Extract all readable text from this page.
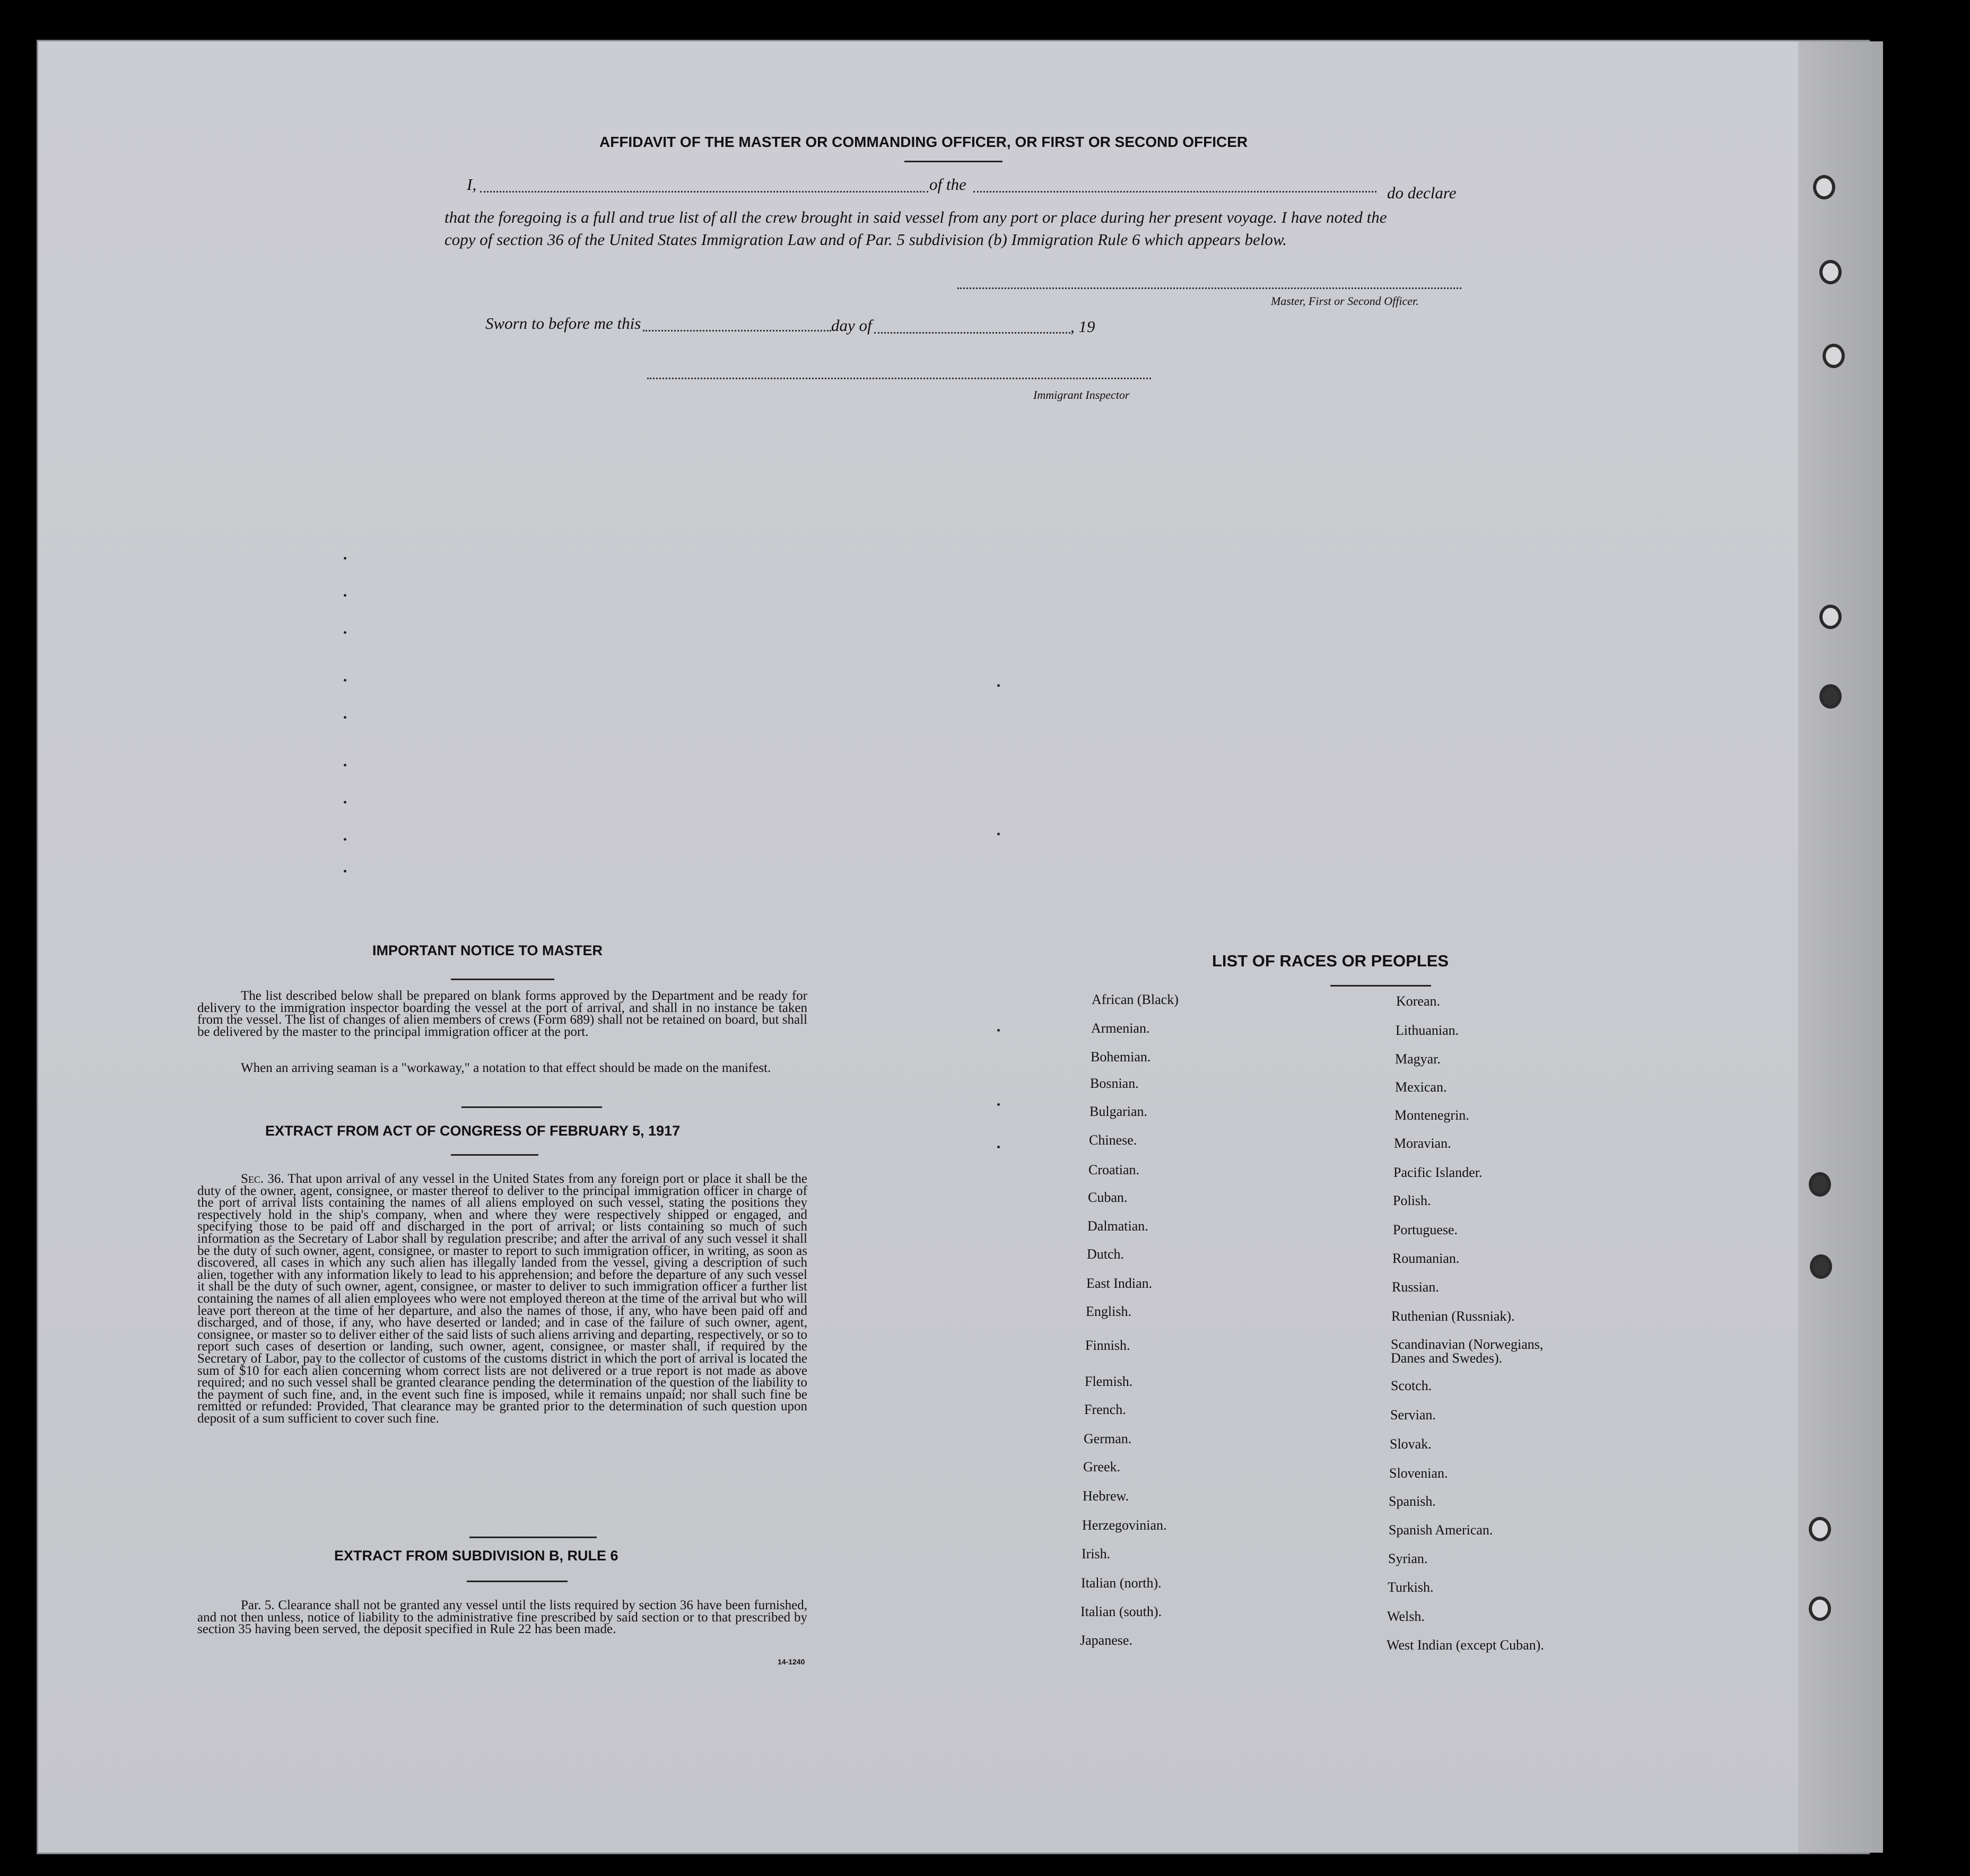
AFFIDAVIT OF THE MASTER OR COMMANDING OFFICER, OR FIRST OR SECOND OFFICER
I,	of the	do declare
that the foregoing is a full and true list of all the crew brought in said vessel from any port or place during her present voyage. I have noted the
copy of section 36 of the United States Immigration Law and of Par. 5 subdivision (b) Immigration Rule 6 which appears below.
Master, First or Second Officer.
Sworn to before me this	day of	, 19
Immigrant Inspector
IMPORTANT NOTICE TO MASTER
The list described below shall be prepared on blank forms approved by the Department and be ready for delivery to the immigration inspector boarding the vessel at the port of arrival, and shall in no instance be taken from the vessel. The list of changes of alien members of crews (Form 689) shall not be retained on board, but shall be delivered by the master to the principal immigration officer at the port.
When an arriving seaman is a "workaway," a notation to that effect should be made on the manifest.
EXTRACT FROM ACT OF CONGRESS OF FEBRUARY 5, 1917
Sec. 36. That upon arrival of any vessel in the United States from any foreign port or place it shall be the duty of the owner, agent, consignee, or master thereof to deliver to the principal immigration officer in charge of the port of arrival lists containing the names of all aliens employed on such vessel, stating the positions they respectively hold in the ship's company, when and where they were respectively shipped or engaged, and specifying those to be paid off and discharged in the port of arrival; or lists containing so much of such information as the Secretary of Labor shall by regulation prescribe; and after the arrival of any such vessel it shall be the duty of such owner, agent, consignee, or master to report to such immigration officer, in writing, as soon as discovered, all cases in which any such alien has illegally landed from the vessel, giving a description of such alien, together with any information likely to lead to his apprehension; and before the departure of any such vessel it shall be the duty of such owner, agent, consignee, or master to deliver to such immigration officer a further list containing the names of all alien employees who were not employed thereon at the time of the arrival but who will leave port thereon at the time of her departure, and also the names of those, if any, who have been paid off and discharged, and of those, if any, who have deserted or landed; and in case of the failure of such owner, agent, consignee, or master so to deliver either of the said lists of such aliens arriving and departing, respectively, or so to report such cases of desertion or landing, such owner, agent, consignee, or master shall, if required by the Secretary of Labor, pay to the collector of customs of the customs district in which the port of arrival is located the sum of $10 for each alien concerning whom correct lists are not delivered or a true report is not made as above required; and no such vessel shall be granted clearance pending the determination of the question of the liability to the payment of such fine, and, in the event such fine is imposed, while it remains unpaid; nor shall such fine be remitted or refunded: Provided, That clearance may be granted prior to the determination of such question upon deposit of a sum sufficient to cover such fine.
EXTRACT FROM SUBDIVISION B, RULE 6
Par. 5. Clearance shall not be granted any vessel until the lists required by section 36 have been furnished, and not then unless, notice of liability to the administrative fine prescribed by said section or to that prescribed by section 35 having been served, the deposit specified in Rule 22 has been made.
14-1240
LIST OF RACES OR PEOPLES
African (Black)
Armenian.
Bohemian.
Bosnian.
Bulgarian.
Chinese.
Croatian.
Cuban.
Dalmatian.
Dutch.
East Indian.
English.
Finnish.
Flemish.
French.
German.
Greek.
Hebrew.
Herzegovinian.
Irish.
Italian (north).
Italian (south).
Japanese.
Korean.
Lithuanian.
Magyar.
Mexican.
Montenegrin.
Moravian.
Pacific Islander.
Polish.
Portuguese.
Roumanian.
Russian.
Ruthenian (Russniak).
Scandinavian (Norwegians,
Danes and Swedes).
Scotch.
Servian.
Slovak.
Slovenian.
Spanish.
Spanish American.
Syrian.
Turkish.
Welsh.
West Indian (except Cuban).
